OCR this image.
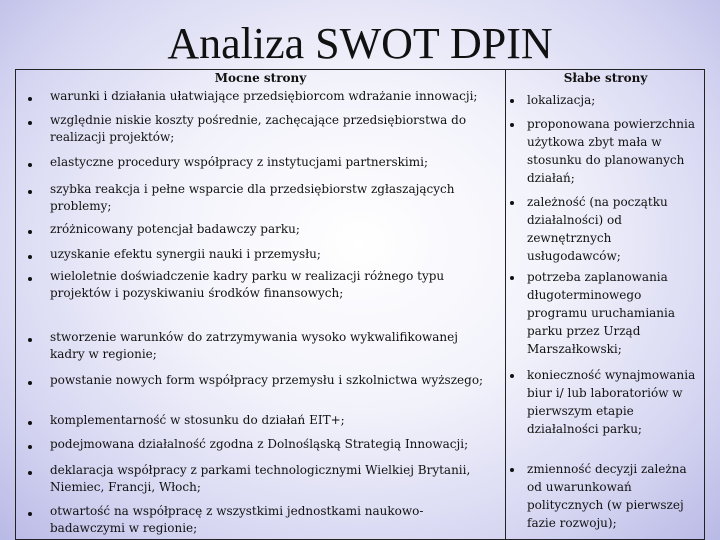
Analiza SWOT DPIN
Mocne strony	Słabe strony
warunki i działania ułatwiające przedsiębiorcom wdrażanie innowacji;
względnie niskie koszty pośrednie, zachęcające przedsiębiorstwa do realizacji projektów;
elastyczne procedury współpracy z instytucjami partnerskimi;
szybka reakcja i pełne wsparcie dla przedsiębiorstw zgłaszających problemy;
zróżnicowany potencjał badawczy parku;
uzyskanie efektu synergii nauki i przemysłu;
wieloletnie doświadczenie kadry parku w realizacji różnego typu projektów i pozyskiwaniu środków finansowych;
stworzenie warunków do zatrzymywania wysoko wykwalifikowanej kadry w regionie;
powstanie nowych form współpracy przemysłu i szkolnictwa wyższego;
komplementarność w stosunku do działań EIT+;
podejmowana działalność zgodna z Dolnośląską Strategią Innowacji;
deklaracja współpracy z parkami technologicznymi Wielkiej Brytanii, Niemiec, Francji, Włoch;
otwartość na współpracę z wszystkimi jednostkami naukowo-badawczymi w regionie;
lokalizacja;
proponowana powierzchnia użytkowa zbyt mała w stosunku do planowanych działań;
zależność (na początku działalności) od zewnętrznych usługodawców;
potrzeba zaplanowania długoterminowego programu uruchamiania parku przez Urząd Marszałkowski;
konieczność wynajmowania biur i/ lub laboratoriów w pierwszym etapie działalności parku;
zmienność decyzji zależna od uwarunkowań politycznych (w pierwszej fazie rozwoju);
